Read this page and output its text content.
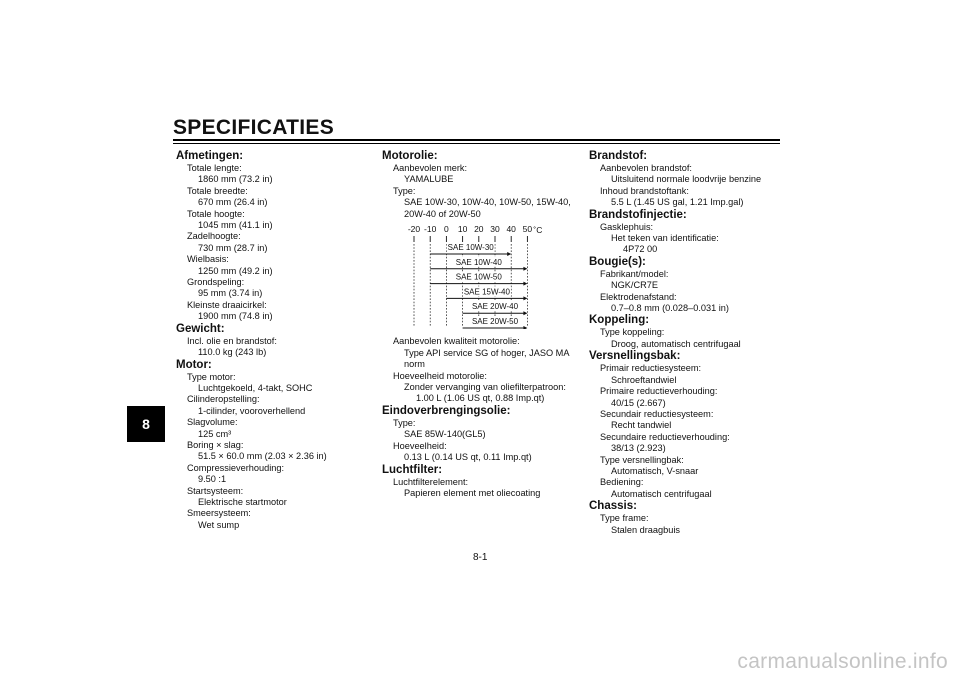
SPECIFICATIES
8
Afmetingen:
Totale lengte:
1860 mm (73.2 in)
Totale breedte:
670 mm (26.4 in)
Totale hoogte:
1045 mm (41.1 in)
Zadelhoogte:
730 mm (28.7 in)
Wielbasis:
1250 mm (49.2 in)
Grondspeling:
95 mm (3.74 in)
Kleinste draaicirkel:
1900 mm (74.8 in)
Gewicht:
Incl. olie en brandstof:
110.0 kg (243 lb)
Motor:
Type motor:
Luchtgekoeld, 4-takt, SOHC
Cilinderopstelling:
1-cilinder, vooroverhellend
Slagvolume:
125 cm³
Boring × slag:
51.5 × 60.0 mm (2.03 × 2.36 in)
Compressieverhouding:
9.50 :1
Startsysteem:
Elektrische startmotor
Smeersysteem:
Wet sump
Motorolie:
Aanbevolen merk:
YAMALUBE
Type:
SAE 10W-30, 10W-40, 10W-50, 15W-40,
20W-40 of 20W-50
-20 -10 0 10 20 30 40 50 ˚C
SAE 10W-30
SAE 10W-40
SAE 10W-50
SAE 15W-40
SAE 20W-40
SAE 20W-50
Aanbevolen kwaliteit motorolie:
Type API service SG of hoger, JASO MA
norm
Hoeveelheid motorolie:
Zonder vervanging van oliefilterpatroon:
1.00 L (1.06 US qt, 0.88 Imp.qt)
Eindoverbrengingsolie:
Type:
SAE 85W-140(GL5)
Hoeveelheid:
0.13 L (0.14 US qt, 0.11 Imp.qt)
Luchtfilter:
Luchtfilterelement:
Papieren element met oliecoating
Brandstof:
Aanbevolen brandstof:
Uitsluitend normale loodvrije benzine
Inhoud brandstoftank:
5.5 L (1.45 US gal, 1.21 Imp.gal)
Brandstofinjectie:
Gasklephuis:
Het teken van identificatie:
4P72 00
Bougie(s):
Fabrikant/model:
NGK/CR7E
Elektrodenafstand:
0.7–0.8 mm (0.028–0.031 in)
Koppeling:
Type koppeling:
Droog, automatisch centrifugaal
Versnellingsbak:
Primair reductiesysteem:
Schroeftandwiel
Primaire reductieverhouding:
40/15 (2.667)
Secundair reductiesysteem:
Recht tandwiel
Secundaire reductieverhouding:
38/13 (2.923)
Type versnellingbak:
Automatisch, V-snaar
Bediening:
Automatisch centrifugaal
Chassis:
Type frame:
Stalen draagbuis
8-1
carmanualsonline.info
